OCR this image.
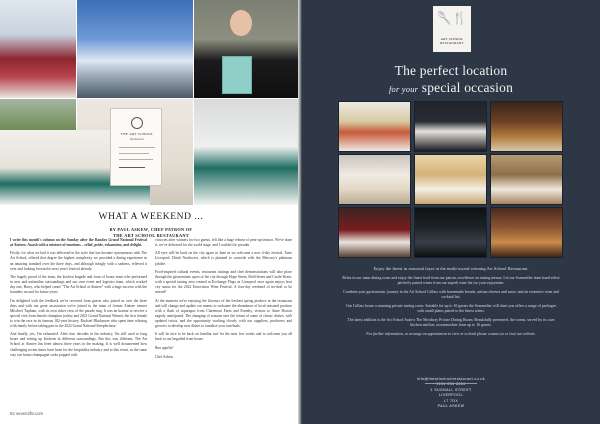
THE ART SCHOOL
Restaurant
WHAT A WEEKEND ...
BY PAUL ASKEW, CHEF PATRON OF
THE ART SCHOOL RESTAURANT

I write this month's column on the Sunday after the Randox Grand National Festival at Aintree. Awash with a mixture of emotions – relief, pride, exhaustion, and delight.

Firstly, for what we had it was delivered in the style that has become synonymous with The Art School, offered that degree the highest complexity we provided a dining experience in an amazing standard over the three days, and although tiringly with a sadness, relieved it over and looking forward to next year's festival already.

The hugely proud of the team, the kitchen brigade and front of house team who performed in new and unfamiliar surroundings and our own event and logistics team, which worked day one, Harry, who helped create "The Art School at Aintree" with a huge success with the founders on and for future years.

I'm delighted with the feedback we've received from guests who joined us over the three days and with our great association we've joined to the team of former Aintree winner Mischief Tupham, with its own ticket view of the parade ring. It was an honour to receive a special visit from female champion jockey and 2021 Grand National Winner, the first female to win the race in its famous 182-year history. Rachael Blackmore who spent time relaxing with family before taking part in the 2022 Grand National Steeplechase.

And finally, yes, I'm exhausted. After four decades in the industry, I'm still used to long hours and setting up kitchens in different surroundings. But this was different. The Art School at Aintree has been almost three years in the making. It is well documented how challenging recent times have been for the hospitality industry and to this event, as the same way our house champagne corks popped with

victories after winners for two guests, felt like a huge release of pent-up tension. We've done it, we've delivered for the world stage, and I couldn't be prouder.

All eyes will be back on the city again in June as we welcome a new 4-day festival, Taste Liverpool. Drink Northwest, which is planned to coincide with the Mercury's platinum jubilee.

Food-inspired cultural events, restaurant tastings and chef demonstrations will take place through the gastronomic spots of the city through Hope Street, Bold Street and Castle Street, with a special tasting area created at Exchange Flags as Liverpool once again enjoys host city status for the 2022 Eurovision Wine Festival. A four-day weekend of no-deal or be missed!

At the moment we're enjoying the flavours of the freshest spring produce in the restaurant and will change and update our menus to welcome the abundance of local seasonal produce with a flush of asparagus from Claremont Farm and Formby, visitors to Anne Horton eagerly anticipated. The changing of seasons sees the return of some of classic dishes, with updated twists, and the opportunity working closely with our suppliers, producers and growers to develop new dishes to tantalise your tastebuds.

It will be nice to be back on familiar turf for the next few weeks and to welcome you all back to our beguiled front house.

Bon appétit!
Chef Askew
62 seven2fiv.com
🥄🍴
ART SCHOOL
RESTAURANT
The perfect location
for your special occasion

Enjoy the finest in seasonal fayre at the multi-award winning Art School Restaurant.

Relax in our main dining room and enjoy the finest food from our patron, excellence on tasting menus. Let our Sommelier team hand select perfectly paired wines from our superb wine list for your enjoyment.

Combine your gastronomic journey in the Art School Cellars with homemade breads, artisan cheeses and more, and an extensive wine and cocktail list.

Our Cellars house a stunning private tasting room. Suitable for up to 10 guests the Sommelier will chart you offers a range of packages with small plates paired to the finest wines.

The latest addition is the Art School Suite a The Mowbray Private Dining Room. Beautifully presented, the rooms, served by its own kitchen and bar, accommodate from up to 16 guests.

For further information, to arrange an appointment to view or to book please contact us or visit our website.

info@theartschoolrestaurant.co.uk
0151 230 8600
1 SUGNALL STREET
LIVERPOOL
L7 7DX
PAUL ASKEW
